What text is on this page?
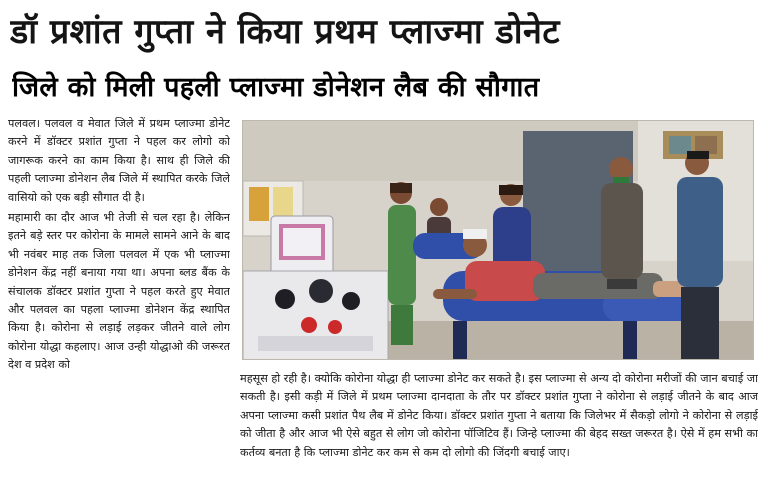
डॉ प्रशांत गुप्ता ने किया प्रथम प्लाज्मा डोनेट
जिले को मिली पहली प्लाज्मा डोनेशन लैब की सौगात

पलवल। पलवल व मेवात जिले में प्रथम प्लाज्मा डोनेट करने में डॉक्टर प्रशांत गुप्ता ने पहल कर लोगो को जागरूक करने का काम किया है। साथ ही जिले की पहली प्लाज्मा डोनेशन लैब जिले में स्थापित करके जिले वासियो को एक बड़ी सौगात दी है।

महामारी का दौर आज भी तेजी से चल रहा है। लेकिन इतने बड़े स्तर पर कोरोना के मामले सामने आने के बाद भी नवंबर माह तक जिला पलवल में एक भी प्लाज्मा डोनेशन केंद्र नहीं बनाया गया था। अपना ब्लड बैंक के संचालक डॉक्टर प्रशांत गुप्ता ने पहल करते हुए मेवात और पलवल का पहला प्लाज्मा डोनेशन केंद्र स्थापित किया है। कोरोना से लड़ाई लड़कर जीतने वाले लोग कोरोना योद्धा कहलाए। आज उन्ही योद्धाओ की जरूरत देश व प्रदेश को

महसूस हो रही है। क्योकि कोरोना योद्धा ही प्लाज्मा डोनेट कर सकते है। इस प्लाज्मा से अन्य दो कोरोना मरीजों की जान बचाई जा सकती है। इसी कड़ी में जिले में प्रथम प्लाज्मा दानदाता के तौर पर डॉक्टर प्रशांत गुप्ता ने कोरोना से लड़ाई जीतने के बाद आज अपना प्लाज्मा कसी प्रशांत पैथ लैब में डोनेट किया। डॉक्टर प्रशांत गुप्ता ने बताया कि जिलेभर में सैकड़ो लोगो ने कोरोना से लड़ाई को जीता है और आज भी ऐसे बहुत से लोग जो कोरोना पॉजिटिव हैं। जिन्हे प्लाज्मा की बेहद सख्त जरूरत है। ऐसे में हम सभी का कर्तव्य बनता है कि प्लाज्मा डोनेट कर कम से कम दो लोगो की जिंदगी बचाई जाए।
